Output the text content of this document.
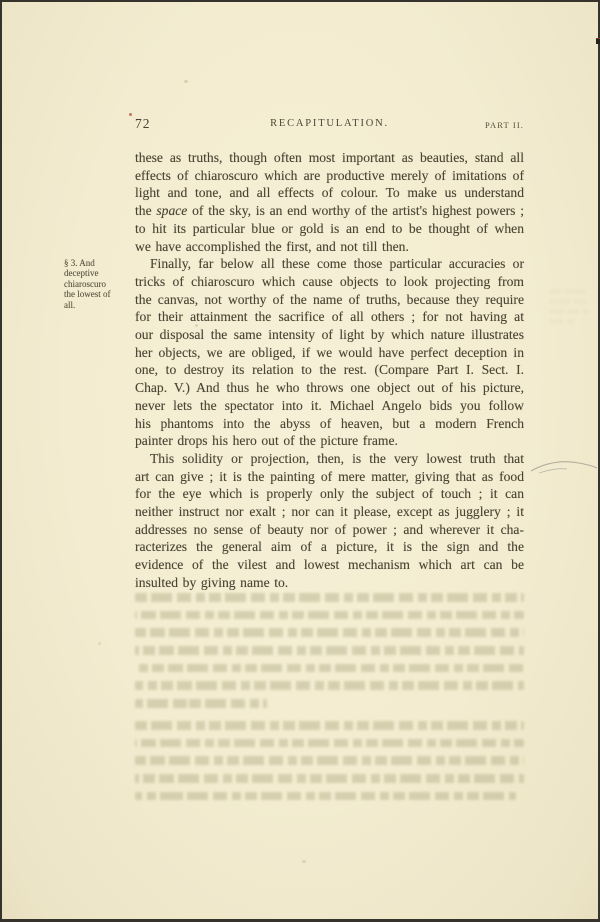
72	RECAPITULATION.	PART II.
§ 3. And
deceptive
chiaroscuro
the lowest of
all.
these as truths, though often most important as beauties, stand all
effects of chiaroscuro which are productive merely of imitations of
light and tone, and all effects of colour. To make us understand
the space of the sky, is an end worthy of the artist's highest powers ;
to hit its particular blue or gold is an end to be thought of when
we have accomplished the first, and not till then.
Finally, far below all these come those particular accuracies or
tricks of chiaroscuro which cause objects to look projecting from
the canvas, not worthy of the name of truths, because they require
for their attainment the sacrifice of all others ; for not having at
our disposal the same intensity of light by which nature illustrates
her objects, we are obliged, if we would have perfect deception in
one, to destroy its relation to the rest. (Compare Part I. Sect. I.
Chap. V.) And thus he who throws one object out of his picture,
never lets the spectator into it. Michael Angelo bids you follow
his phantoms into the abyss of heaven, but a modern French
painter drops his hero out of the picture frame.
This solidity or projection, then, is the very lowest truth that
art can give ; it is the painting of mere matter, giving that as food
for the eye which is properly only the subject of touch ; it can
neither instruct nor exalt ; nor can it please, except as jugglery ; it
addresses no sense of beauty nor of power ; and wherever it cha-
racterizes the general aim of a picture, it is the sign and the
evidence of the vilest and lowest mechanism which art can be
insulted by giving name to.
